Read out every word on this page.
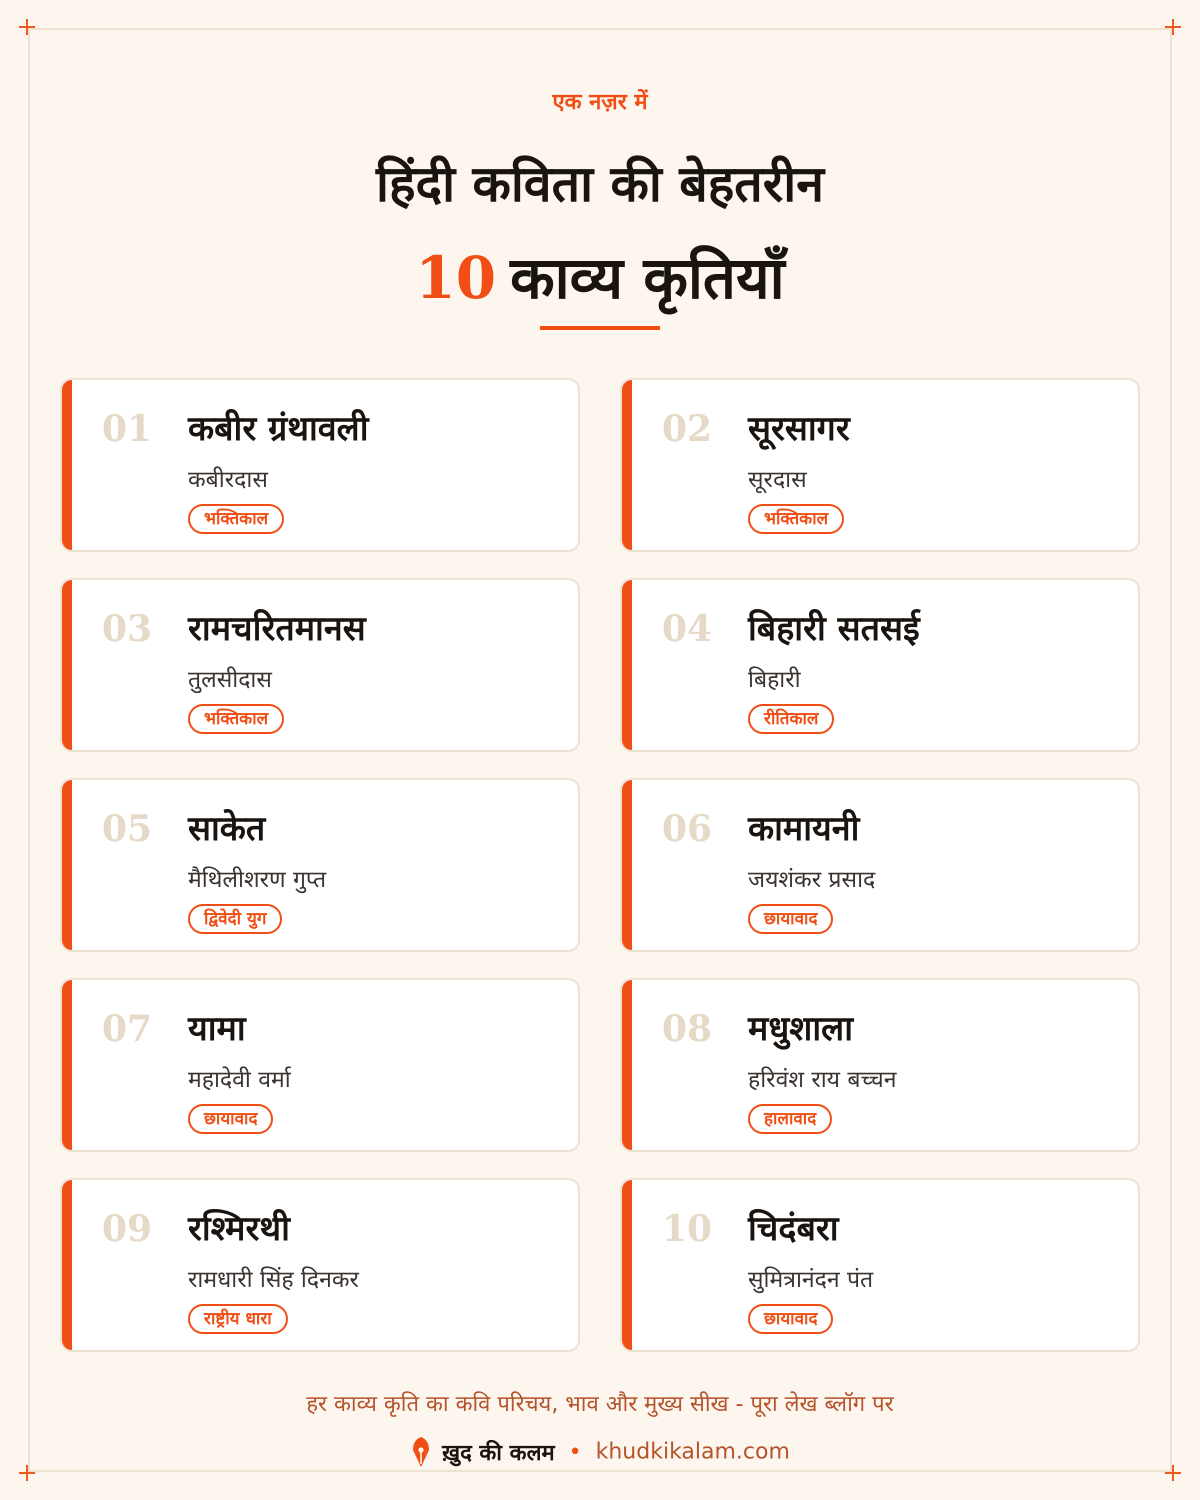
एक नज़र में
हिंदी कविता की बेहतरीन
10 काव्य कृतियाँ
01 कबीर ग्रंथावली
कबीरदास
भक्तिकाल
02 सूरसागर
सूरदास
भक्तिकाल
03 रामचरितमानस
तुलसीदास
भक्तिकाल
04 बिहारी सतसई
बिहारी
रीतिकाल
05 साकेत
मैथिलीशरण गुप्त
द्विवेदी युग
06 कामायनी
जयशंकर प्रसाद
छायावाद
07 यामा
महादेवी वर्मा
छायावाद
08 मधुशाला
हरिवंश राय बच्चन
हालावाद
09 रश्मिरथी
रामधारी सिंह दिनकर
राष्ट्रीय धारा
10 चिदंबरा
सुमित्रानंदन पंत
छायावाद
हर काव्य कृति का कवि परिचय, भाव और मुख्य सीख - पूरा लेख ब्लॉग पर
ख़ुद की कलम • khudkikalam.com
